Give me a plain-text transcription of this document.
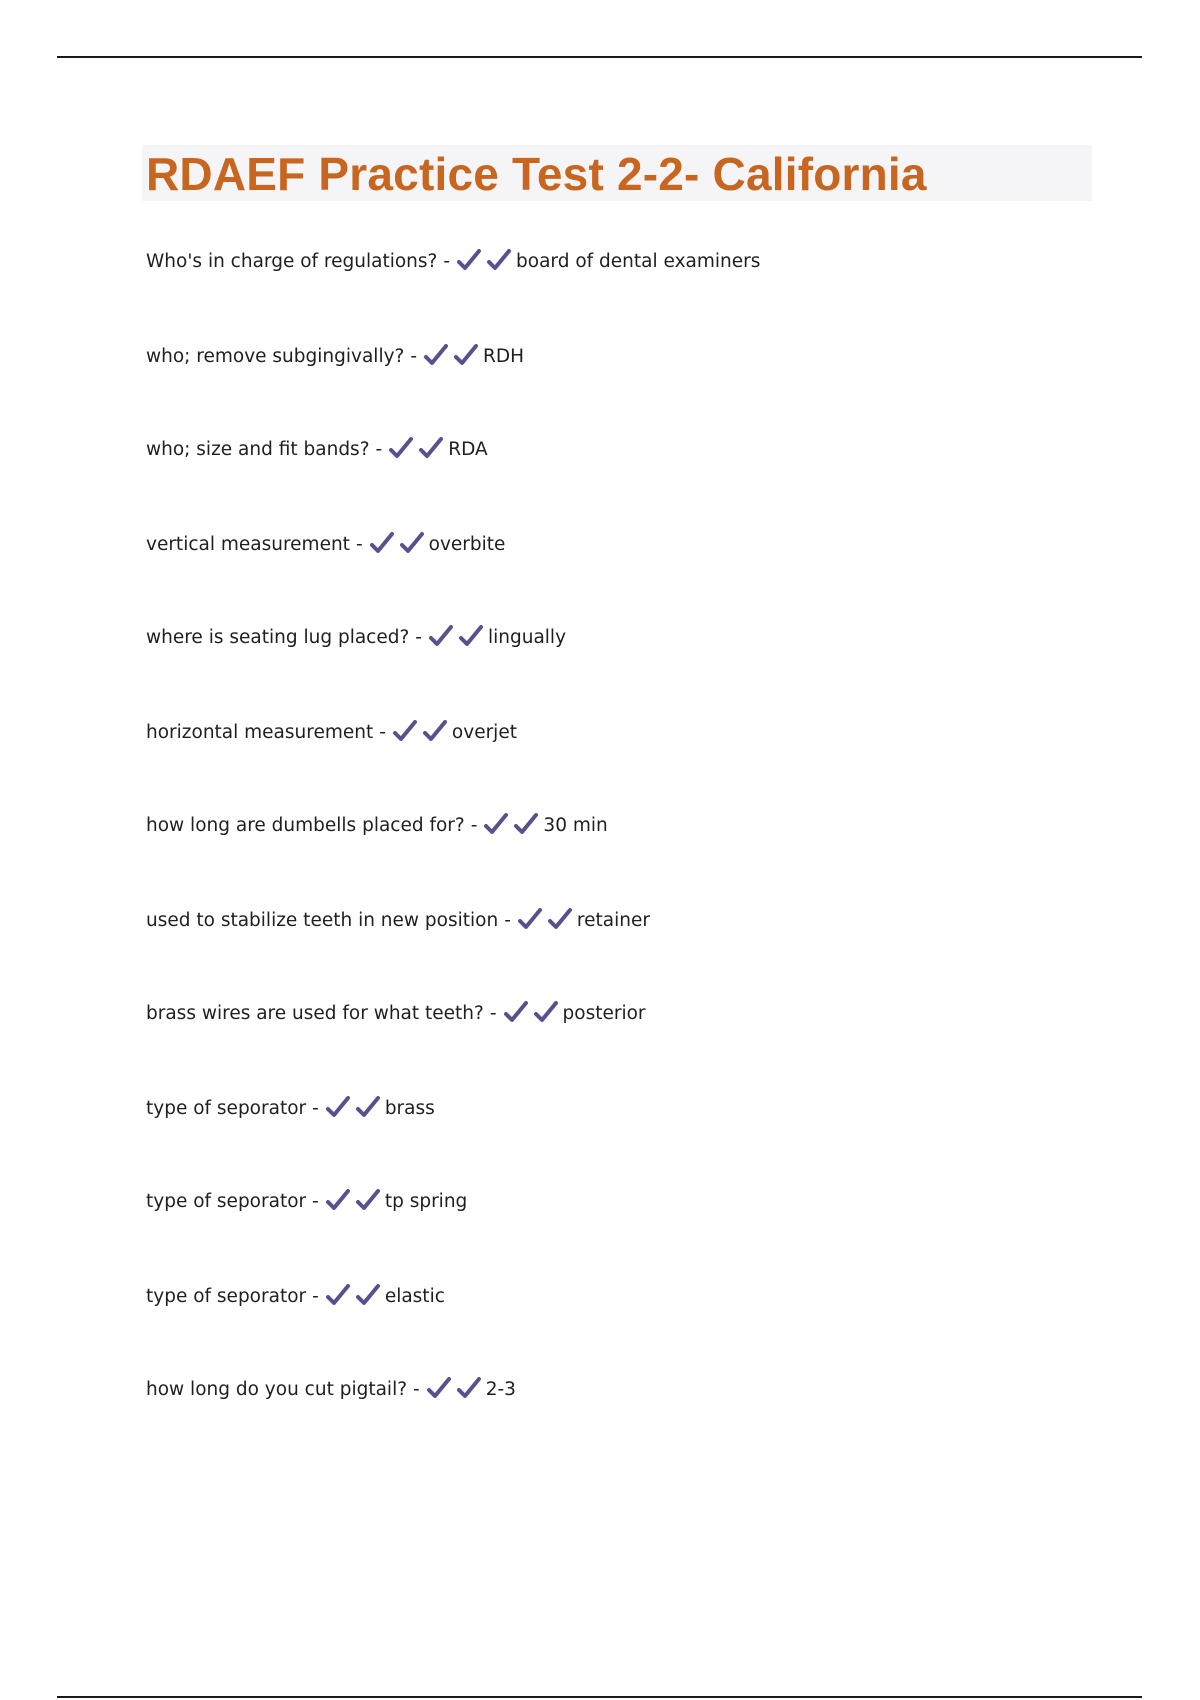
RDAEF Practice Test 2-2- California
Who's in charge of regulations? -	board of dental examiners
who; remove subgingivally? -	RDH
who; size and fit bands? -	RDA
vertical measurement -	overbite
where is seating lug placed? -	lingually
horizontal measurement -	overjet
how long are dumbells placed for? -	30 min
used to stabilize teeth in new position -	retainer
brass wires are used for what teeth? -	posterior
type of seporator -	brass
type of seporator -	tp spring
type of seporator -	elastic
how long do you cut pigtail? -	2-3
